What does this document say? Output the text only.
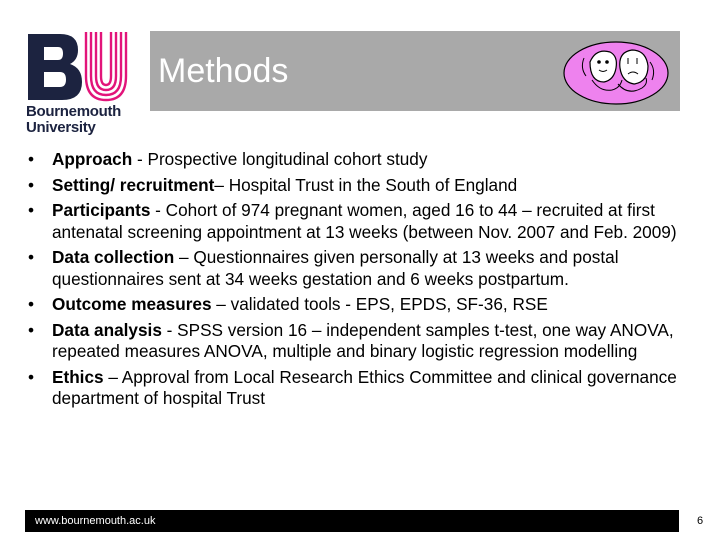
Bournemouth
University
Methods
• Approach - Prospective longitudinal cohort study
• Setting/ recruitment– Hospital Trust in the South of England
• Participants - Cohort of 974 pregnant women, aged 16 to 44 – recruited at first antenatal screening appointment at 13 weeks (between Nov. 2007 and Feb. 2009)
• Data collection – Questionnaires given personally at 13 weeks and postal questionnaires sent at 34 weeks gestation and 6 weeks postpartum.
• Outcome measures – validated tools - EPS, EPDS, SF-36, RSE
• Data analysis - SPSS version 16 – independent samples t-test, one way ANOVA, repeated measures ANOVA, multiple and binary logistic regression modelling
• Ethics – Approval from Local Research Ethics Committee and clinical governance department of hospital Trust
www.bournemouth.ac.uk	6
